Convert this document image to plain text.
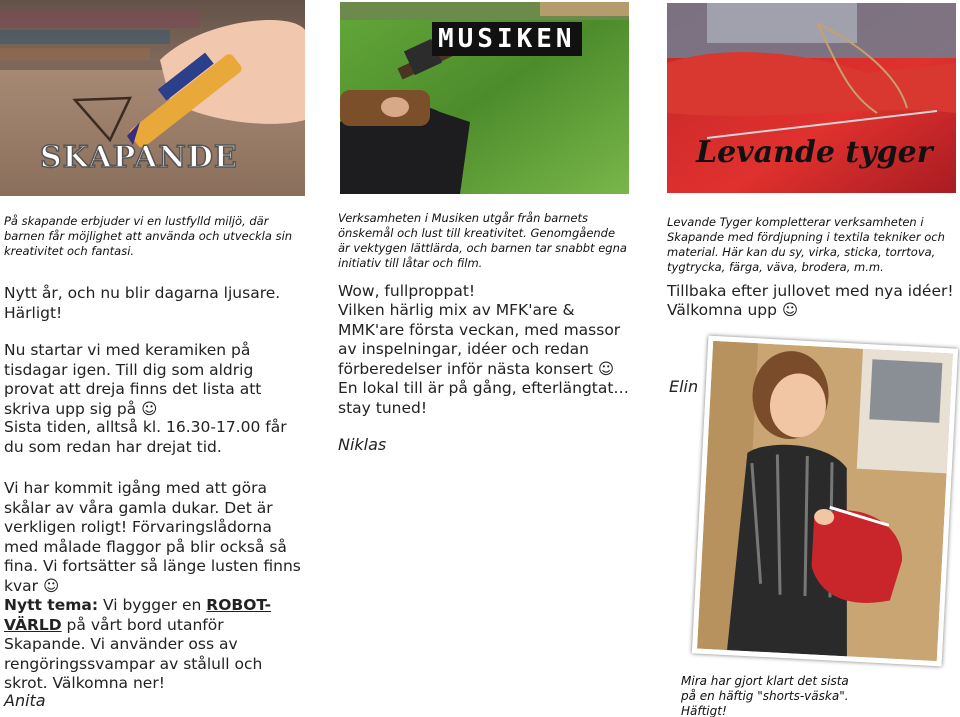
SKAPANDE
På skapande erbjuder vi en lustfylld miljö, där barnen får möjlighet att använda och utveckla sin kreativitet och fantasi.
Nytt år, och nu blir dagarna ljusare.
Härligt!
Nu startar vi med keramiken på tisdagar igen. Till dig som aldrig provat att dreja finns det lista att skriva upp sig på ☺
Sista tiden, alltså kl. 16.30-17.00 får du som redan har drejat tid.
Vi har kommit igång med att göra skålar av våra gamla dukar. Det är verkligen roligt! Förvaringslådorna med målade flaggor på blir också så fina. Vi fortsätter så länge lusten finns kvar ☺
Nytt tema: Vi bygger en ROBOT-VÄRLD på vårt bord utanför Skapande. Vi använder oss av rengöringssvampar av stålull och skrot. Välkomna ner!
Anita
MUSIKEN
Verksamheten i Musiken utgår från barnets önskemål och lust till kreativitet. Genomgående är vektygen lättlärda, och barnen tar snabbt egna initiativ till låtar och film.
Wow, fullproppat!
Vilken härlig mix av MFK'are & MMK'are första veckan, med massor av inspelningar, idéer och redan förberedelser inför nästa konsert ☺
En lokal till är på gång, efterlängtat… stay tuned!
Niklas
Levande tyger
Levande Tyger kompletterar verksamheten i Skapande med fördjupning i textila tekniker och material. Här kan du sy, virka, sticka, torrtova, tygtrycka, färga, väva, brodera, m.m.
Tillbaka efter jullovet med nya idéer!
Välkomna upp ☺
Elin
Mira har gjort klart det sista på en häftig "shorts-väska". Häftigt!
